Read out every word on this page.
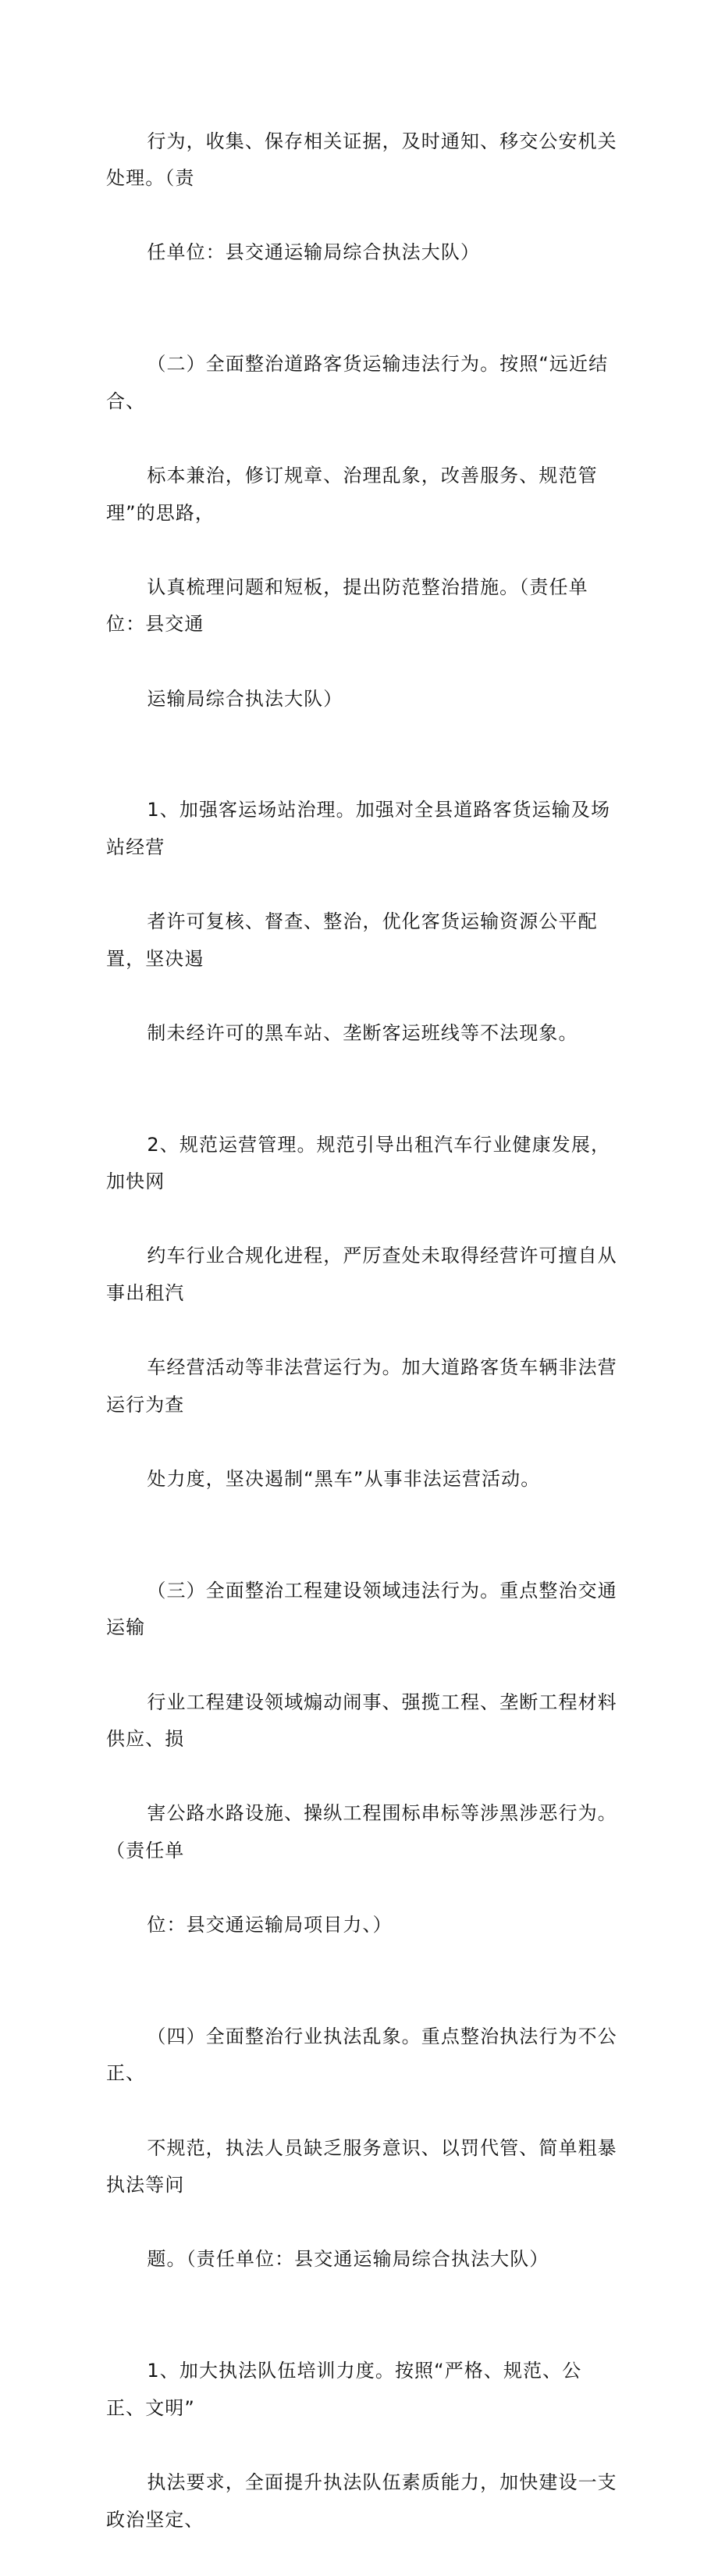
行为，收集、保存相关证据，及时通知、移交公安机关处理。（责

任单位：县交通运输局综合执法大队）

（二）全面整治道路客货运输违法行为。按照“远近结合、

标本兼治，修订规章、治理乱象，改善服务、规范管理”的思路，

认真梳理问题和短板，提出防范整治措施。（责任单位：县交通

运输局综合执法大队）

1、加强客运场站治理。加强对全县道路客货运输及场站经营

者许可复核、督查、整治，优化客货运输资源公平配置，坚决遏

制未经许可的黑车站、垄断客运班线等不法现象。

2、规范运营管理。规范引导出租汽车行业健康发展，加快网

约车行业合规化进程，严厉查处未取得经营许可擅自从事出租汽

车经营活动等非法营运行为。加大道路客货车辆非法营运行为查

处力度，坚决遏制“黑车”从事非法运营活动。

（三）全面整治工程建设领域违法行为。重点整治交通运输

行业工程建设领域煽动闹事、强揽工程、垄断工程材料供应、损

害公路水路设施、操纵工程围标串标等涉黑涉恶行为。（责任单

位：县交通运输局项目力、）

（四）全面整治行业执法乱象。重点整治执法行为不公正、

不规范，执法人员缺乏服务意识、以罚代管、简单粗暴执法等问

题。（责任单位：县交通运输局综合执法大队）

1、加大执法队伍培训力度。按照“严格、规范、公正、文明”

执法要求，全面提升执法队伍素质能力，加快建设一支政治坚定、
